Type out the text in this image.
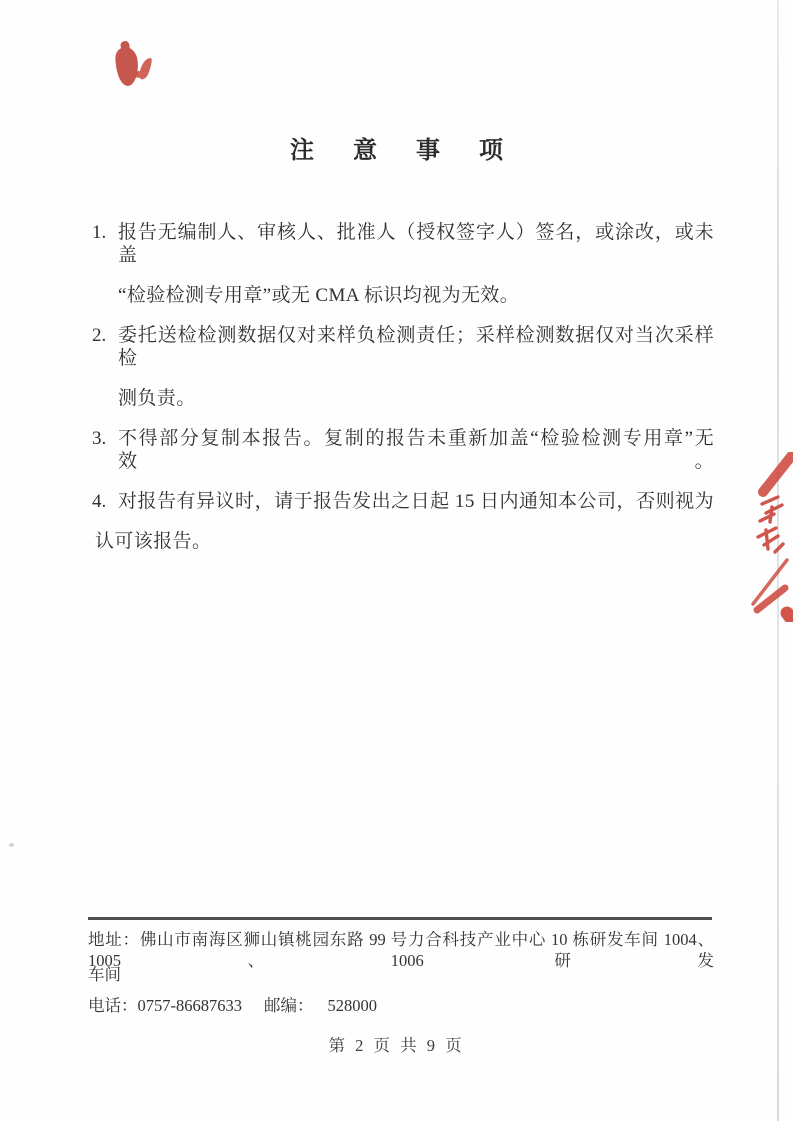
注 意 事 项
1. 报告无编制人、审核人、批准人（授权签字人）签名，或涂改，或未盖
“检验检测专用章”或无 CMA 标识均视为无效。
2. 委托送检检测数据仅对来样负检测责任；采样检测数据仅对当次采样检
测负责。
3. 不得部分复制本报告。复制的报告未重新加盖“检验检测专用章”无效。
4. 对报告有异议时，请于报告发出之日起 15 日内通知本公司，否则视为
认可该报告。
地址：佛山市南海区狮山镇桃园东路 99 号力合科技产业中心 10 栋研发车间 1004、1005、1006 研发
车间
电话：0757-86687633 邮编： 528000
第 2 页 共 9 页
